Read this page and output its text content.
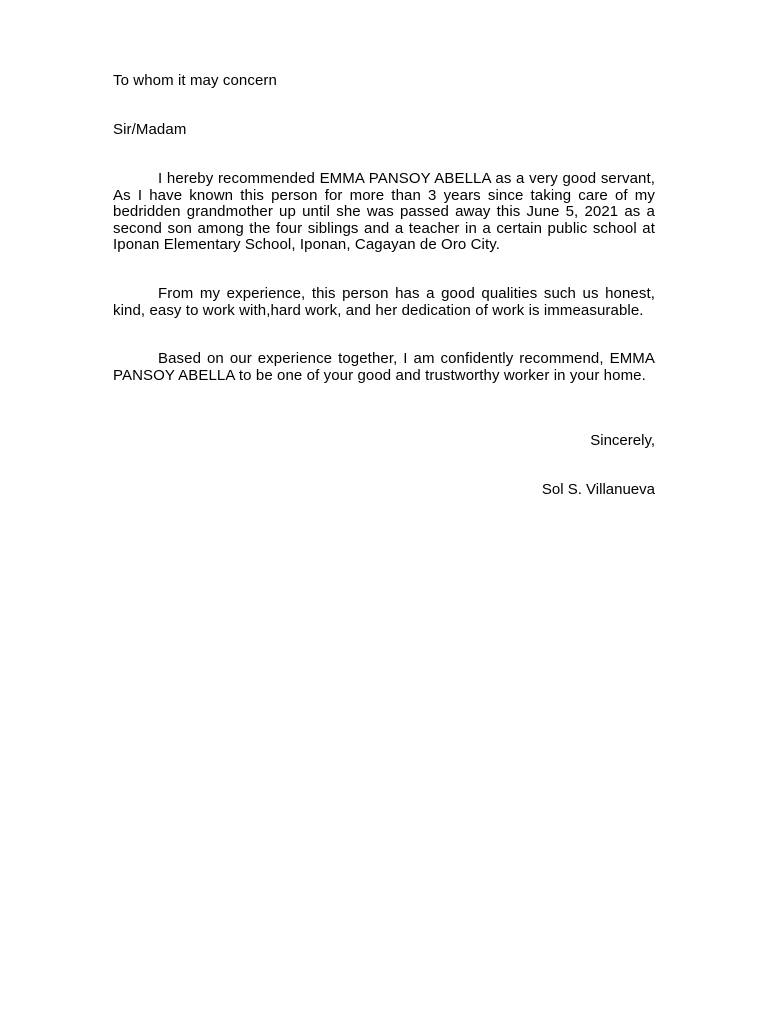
To whom it may concern
Sir/Madam

I hereby recommended EMMA PANSOY ABELLA as a very good servant, As I have known this person for more than 3 years since taking care of my bedridden grandmother up until she was passed away this June 5, 2021 as a second son among the four siblings and a teacher in a certain public school at Iponan Elementary School, Iponan, Cagayan de Oro City.

From my experience, this person has a good qualities such us honest, kind, easy to work with,hard work, and her dedication of work is immeasurable.

Based on our experience together, I am confidently recommend, EMMA PANSOY ABELLA to be one of your good and trustworthy worker in your home.

Sincerely,
Sol S. Villanueva
